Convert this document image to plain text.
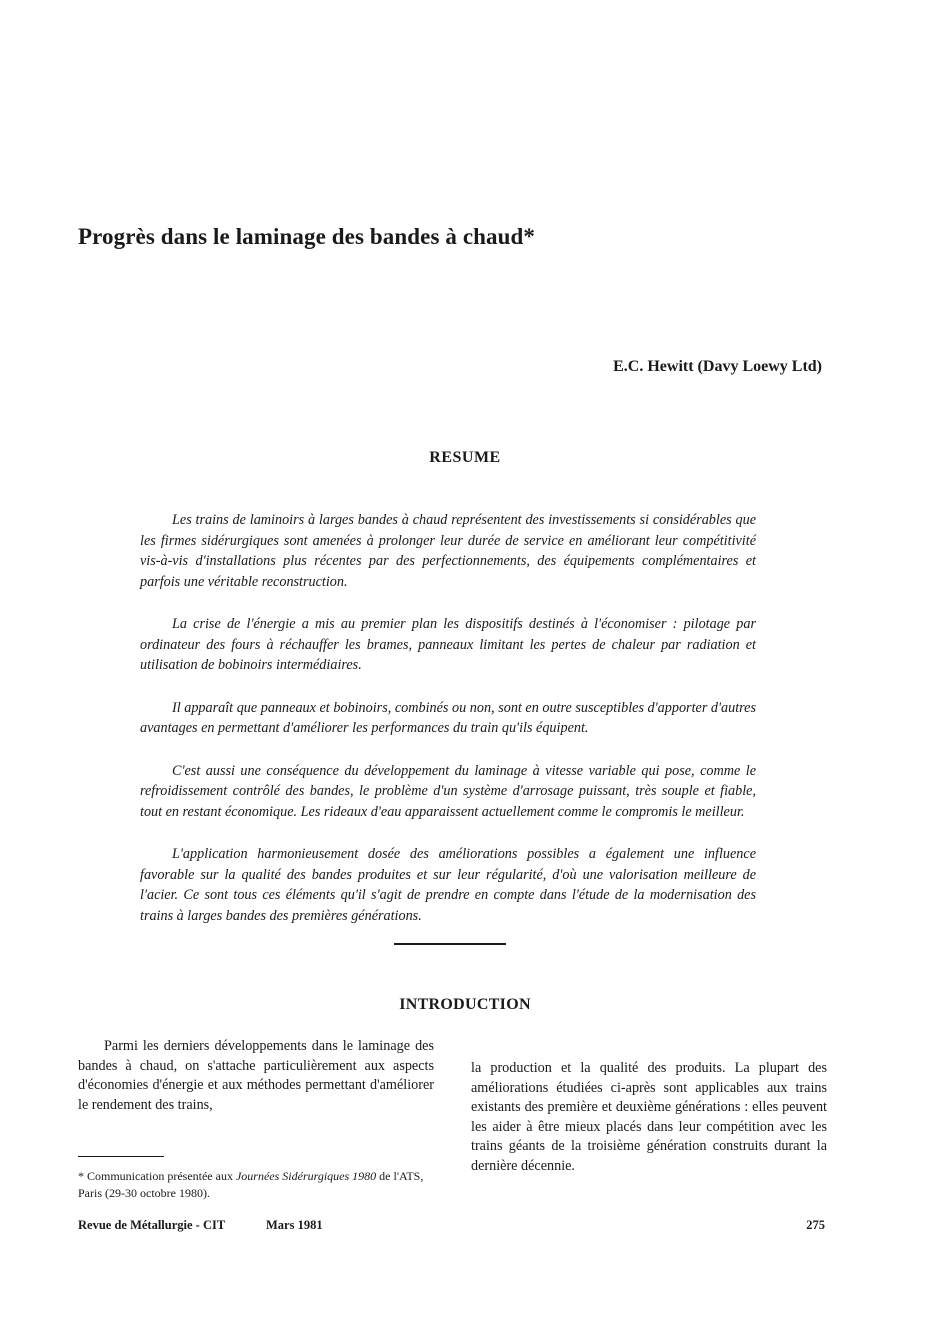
Progrès dans le laminage des bandes à chaud*
E.C. Hewitt (Davy Loewy Ltd)
RESUME

Les trains de laminoirs à larges bandes à chaud représentent des investissements si considérables que les firmes sidérurgiques sont amenées à prolonger leur durée de service en améliorant leur compétitivité vis-à-vis d'installations plus récentes par des perfectionnements, des équipements complémentaires et parfois une véritable reconstruction.

La crise de l'énergie a mis au premier plan les dispositifs destinés à l'économiser : pilotage par ordinateur des fours à réchauffer les brames, panneaux limitant les pertes de chaleur par radiation et utilisation de bobinoirs intermédiaires.

Il apparaît que panneaux et bobinoirs, combinés ou non, sont en outre susceptibles d'apporter d'autres avantages en permettant d'améliorer les performances du train qu'ils équipent.

C'est aussi une conséquence du développement du laminage à vitesse variable qui pose, comme le refroidissement contrôlé des bandes, le problème d'un système d'arrosage puissant, très souple et fiable, tout en restant économique. Les rideaux d'eau apparaissent actuellement comme le compromis le meilleur.

L'application harmonieusement dosée des améliorations possibles a également une influence favorable sur la qualité des bandes produites et sur leur régularité, d'où une valorisation meilleure de l'acier. Ce sont tous ces éléments qu'il s'agit de prendre en compte dans l'étude de la modernisation des trains à larges bandes des premières générations.

INTRODUCTION

Parmi les derniers développements dans le laminage des bandes à chaud, on s'attache particulièrement aux aspects d'économies d'énergie et aux méthodes permettant d'améliorer le rendement des trains,

la production et la qualité des produits. La plupart des améliorations étudiées ci-après sont applicables aux trains existants des première et deuxième générations : elles peuvent les aider à être mieux placés dans leur compétition avec les trains géants de la troisième génération construits durant la dernière décennie.

* Communication présentée aux Journées Sidérurgiques 1980 de l'ATS, Paris (29-30 octobre 1980).
Revue de Métallurgie - CIT	Mars 1981	275
